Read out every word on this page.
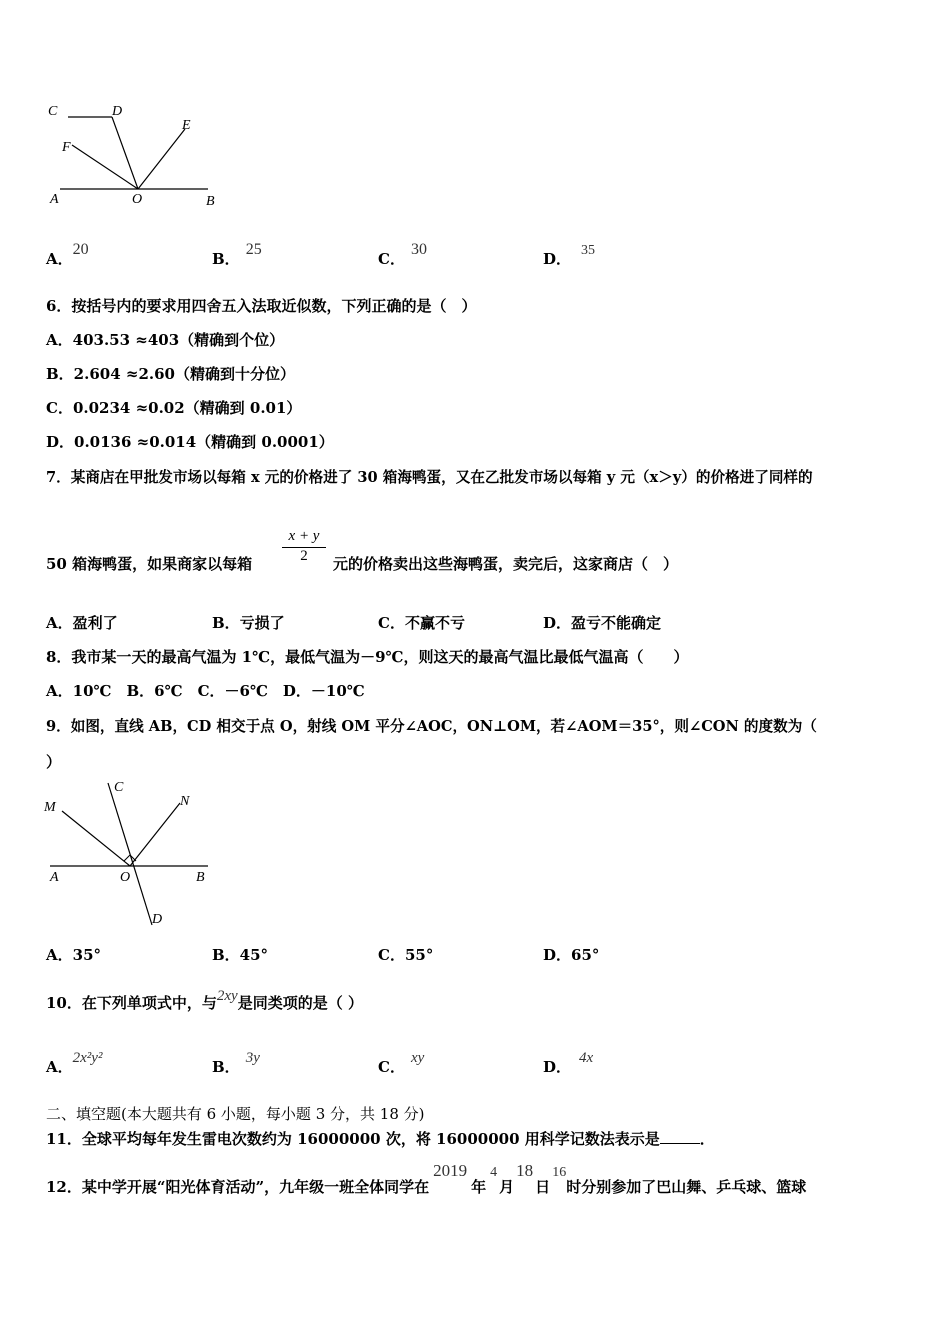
C	D
E
F
A	O	B
A．20
B．25
C．30
D． 35
6．按括号内的要求用四舍五入法取近似数，下列正确的是（　）
A．403.53 ≈403（精确到个位）
B．2.604 ≈2.60（精确到十分位）
C．0.0234 ≈0.02（精确到 0.01）
D．0.0136 ≈0.014（精确到 0.0001）
7．某商店在甲批发市场以每箱 x 元的价格进了 30 箱海鸭蛋，又在乙批发市场以每箱 y 元（x＞y）的价格进了同样的
50 箱海鸭蛋，如果商家以每箱 $\frac{x + y}{2}$ 元的价格卖出这些海鸭蛋，卖完后，这家商店（　）
A．盈利了	B．亏损了	C．不赢不亏	D．盈亏不能确定
8．我市某一天的最高气温为 1℃，最低气温为－9℃，则这天的最高气温比最低气温高（　　）
A．10℃　B．6℃　C．－6℃　D．－10℃
9．如图，直线 AB，CD 相交于点 O，射线 OM 平分∠AOC，ON⊥OM，若∠AOM＝35°，则∠CON 的度数为（
）
M
C
N
A	O	B
D
A．35°	B．45°	C．55°	D．65°
10．在下列单项式中，与2xy是同类项的是（ ）
A．2x²y²	B． 3y	C． xy	D． 4x
二、填空题(本大题共有 6 小题，每小题 3 分，共 18 分)
11．全球平均每年发生雷电次数约为 16000000 次，将 16000000 用科学记数法表示是	．
12．某中学开展“阳光体育活动”，九年级一班全体同学在2019年4月18日16时分别参加了巴山舞、乒乓球、篮球
